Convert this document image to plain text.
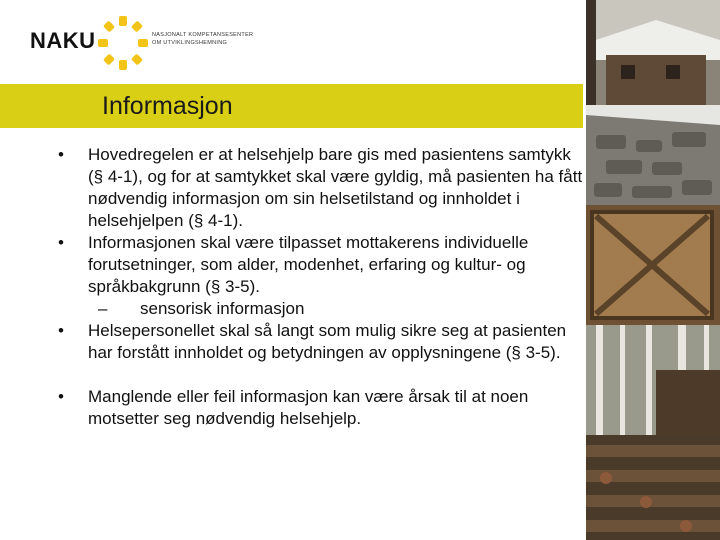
NAKU	NASJONALT KOMPETANSESENTER
OM UTVIKLINGSHEMNING
Informasjon
• Hovedregelen er at helsehjelp bare gis med pasientens samtykk (§ 4-1), og for at samtykket skal være gyldig, må pasienten ha fått nødvendig informasjon om sin helsetilstand og innholdet i helsehjelpen (§ 4-1).
• Informasjonen skal være tilpasset mottakerens individuelle forutsetninger, som alder, modenhet, erfaring og kultur- og språkbakgrunn (§ 3-5).
– sensorisk informasjon
• Helsepersonellet skal så langt som mulig sikre seg at pasienten har forstått innholdet og betydningen av opplysningene (§ 3-5).
• Manglende eller feil informasjon kan være årsak til at noen motsetter seg nødvendig helsehjelp.
